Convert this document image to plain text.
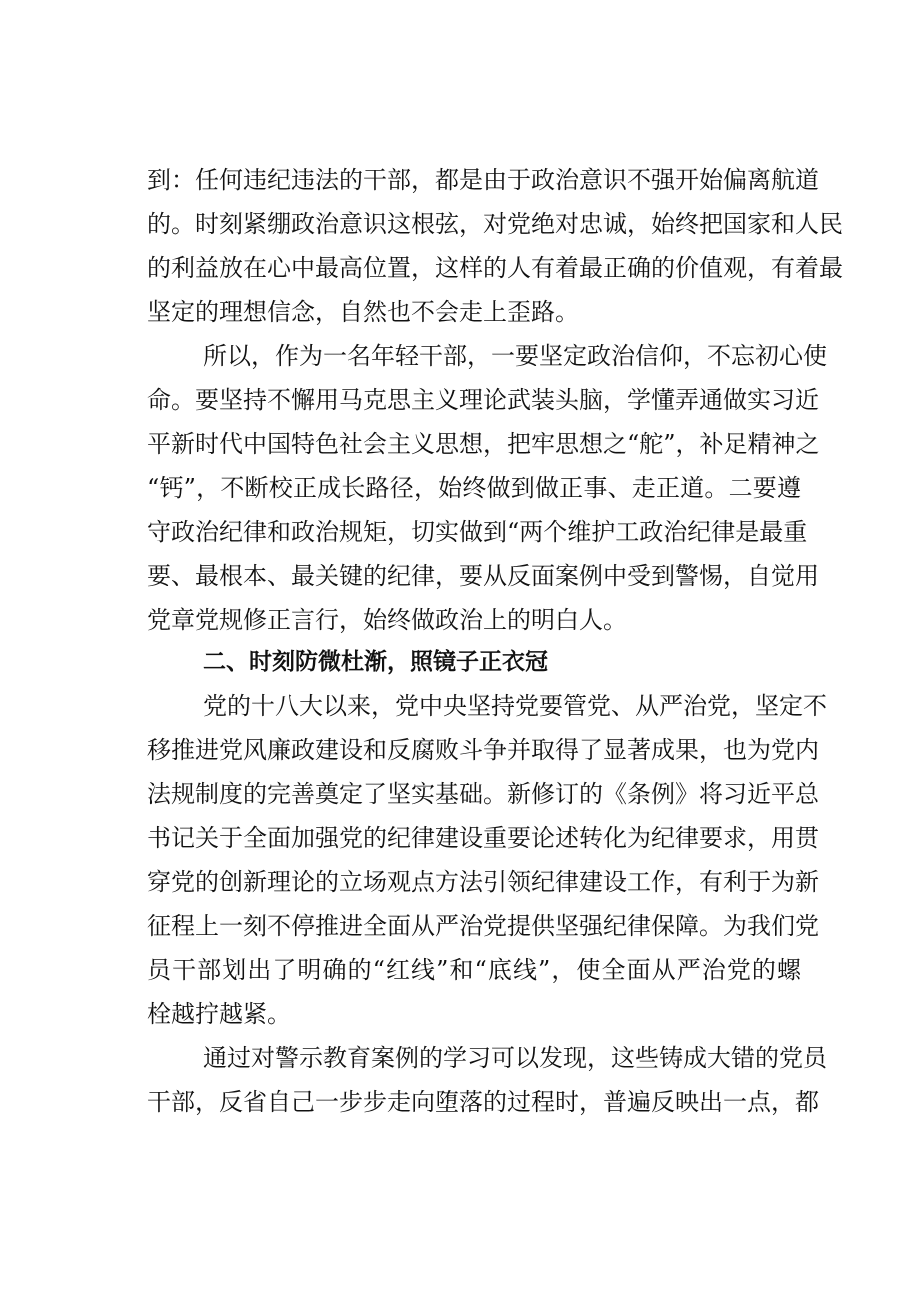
到：任何违纪违法的干部，都是由于政治意识不强开始偏离航道
的。时刻紧绷政治意识这根弦，对党绝对忠诚，始终把国家和人民
的利益放在心中最高位置，这样的人有着最正确的价值观，有着最
坚定的理想信念，自然也不会走上歪路。
所以，作为一名年轻干部，一要坚定政治信仰，不忘初心使
命。要坚持不懈用马克思主义理论武装头脑，学懂弄通做实习近
平新时代中国特色社会主义思想，把牢思想之“舵”，补足精神之
“钙”，不断校正成长路径，始终做到做正事、走正道。二要遵
守政治纪律和政治规矩，切实做到“两个维护工政治纪律是最重
要、最根本、最关键的纪律，要从反面案例中受到警惕，自觉用
党章党规修正言行，始终做政治上的明白人。
二、时刻防微杜渐，照镜子正衣冠
党的十八大以来，党中央坚持党要管党、从严治党，坚定不
移推进党风廉政建设和反腐败斗争并取得了显著成果，也为党内
法规制度的完善奠定了坚实基础。新修订的《条例》将习近平总
书记关于全面加强党的纪律建设重要论述转化为纪律要求，用贯
穿党的创新理论的立场观点方法引领纪律建设工作，有利于为新
征程上一刻不停推进全面从严治党提供坚强纪律保障。为我们党
员干部划出了明确的“红线”和“底线”，使全面从严治党的螺
栓越拧越紧。
通过对警示教育案例的学习可以发现，这些铸成大错的党员
干部，反省自己一步步走向堕落的过程时，普遍反映出一点，都
